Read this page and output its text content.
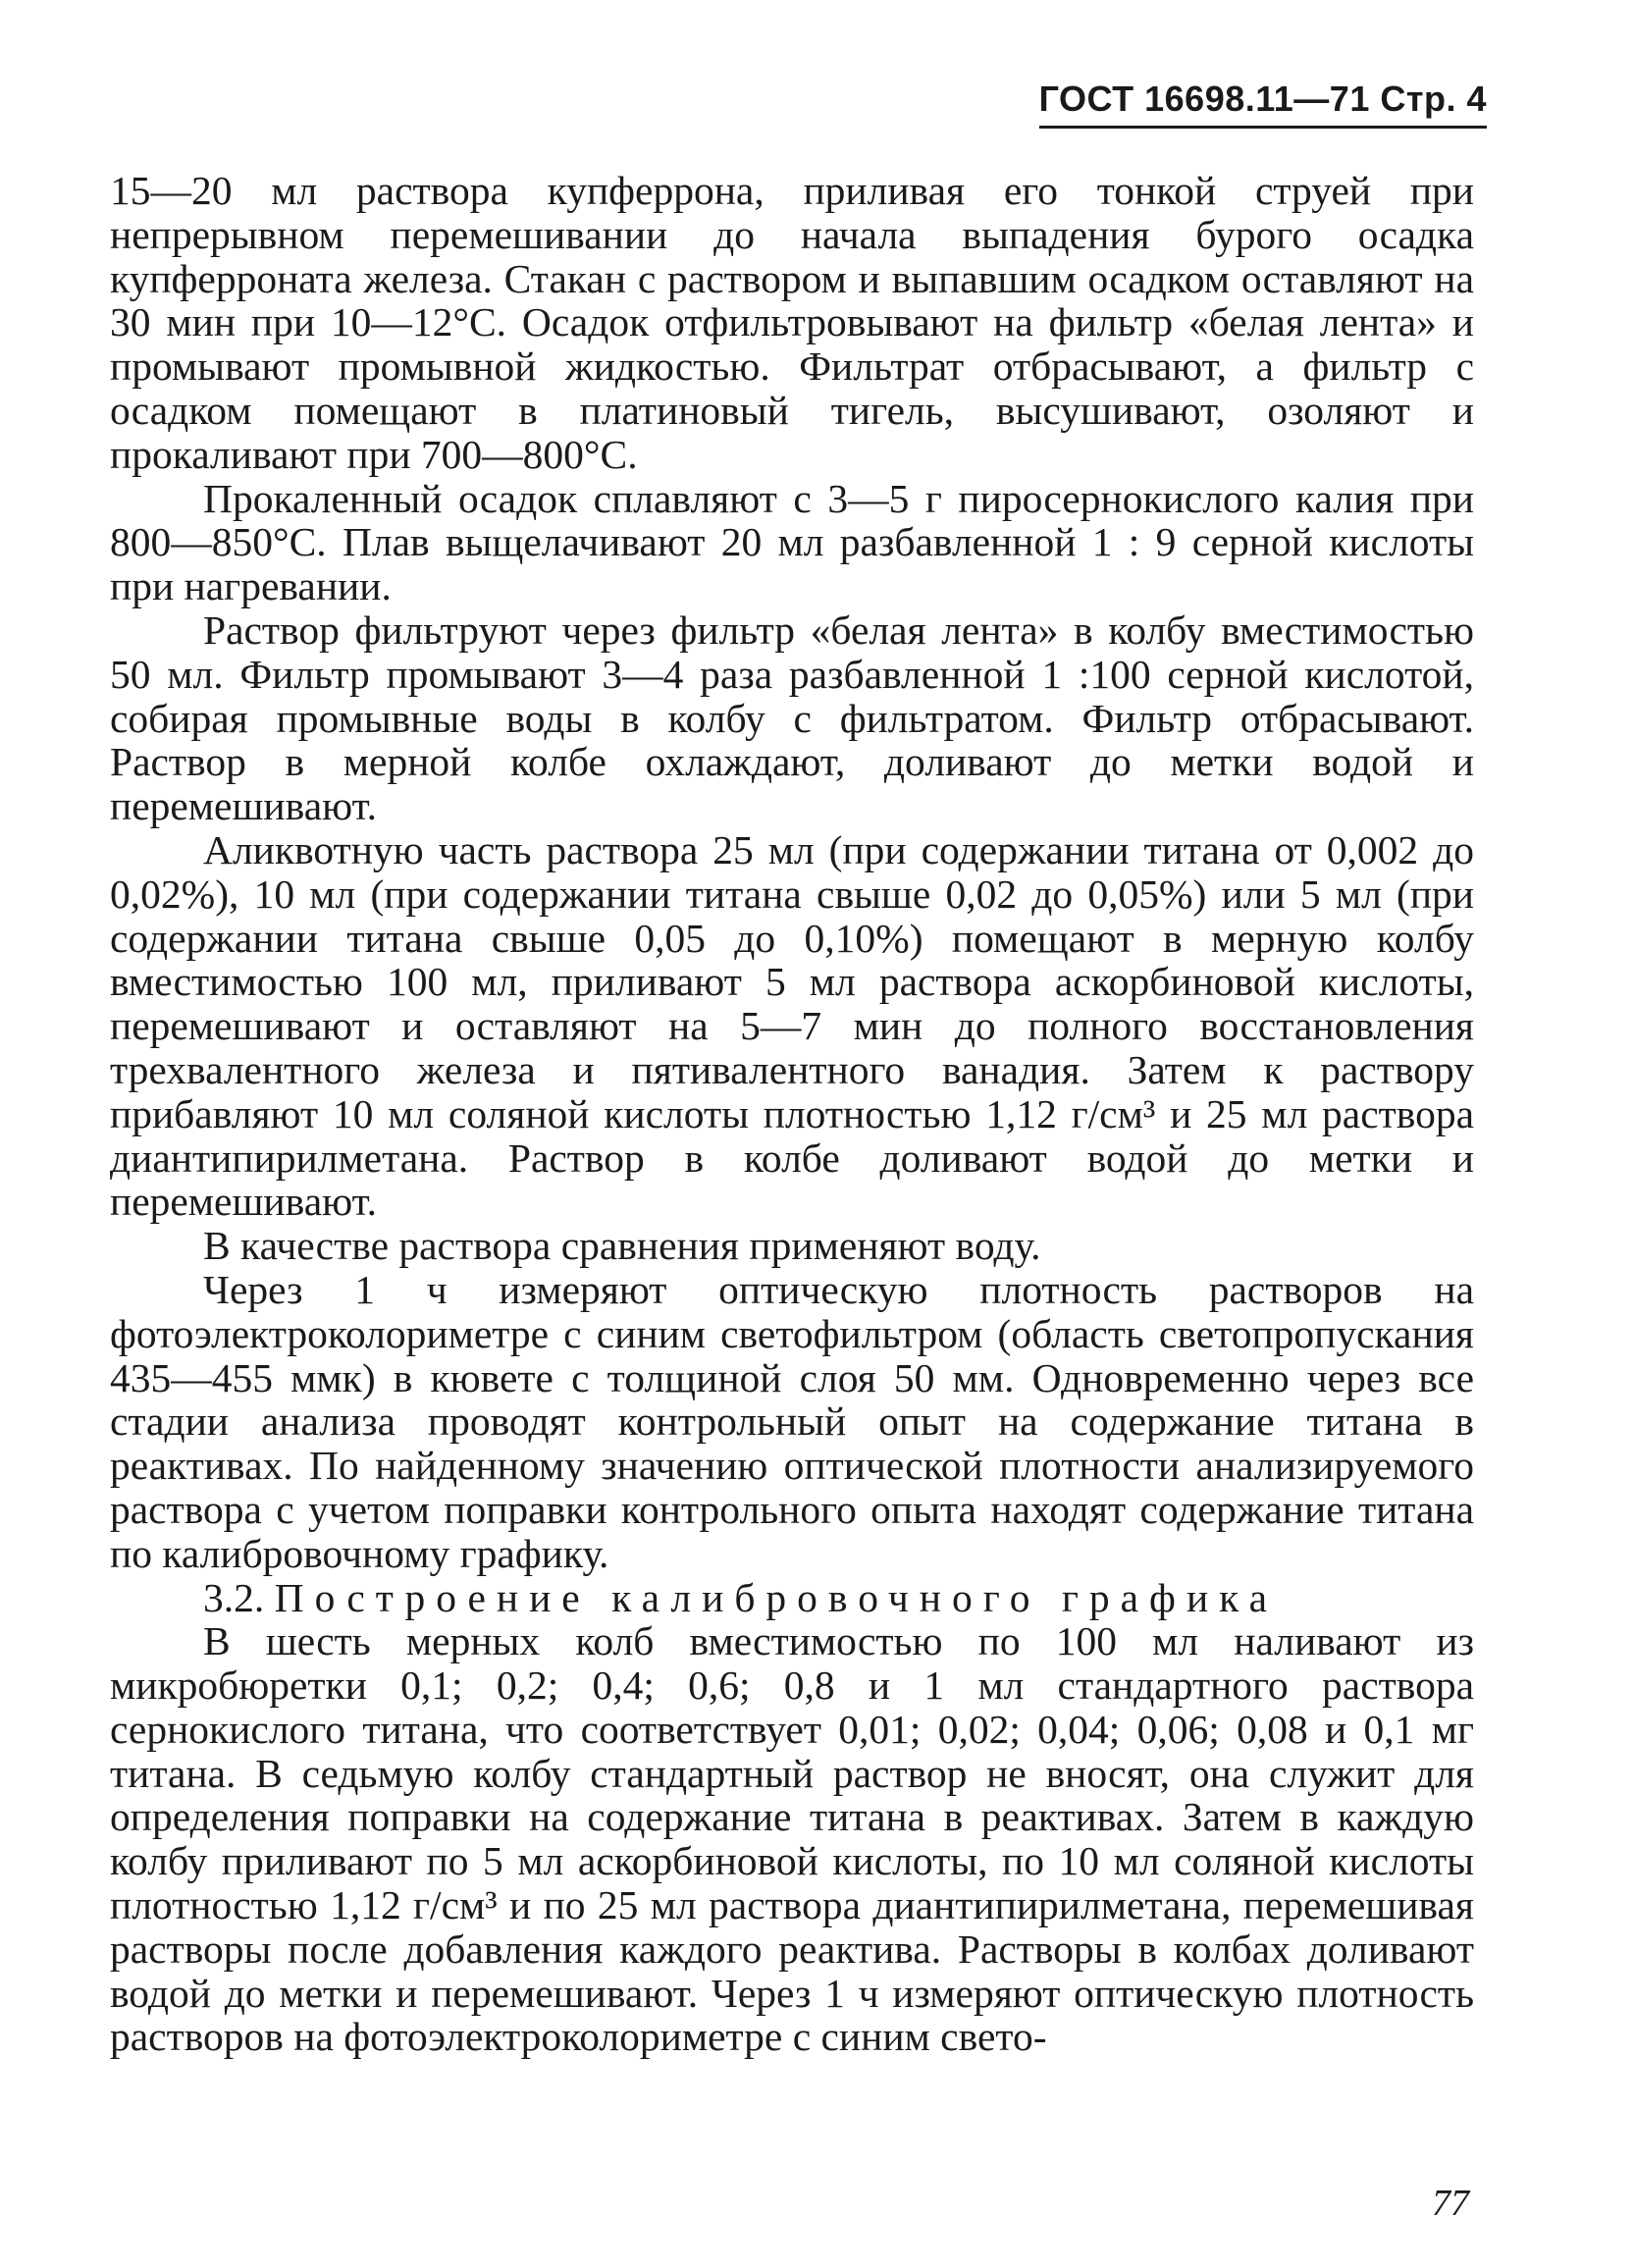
ГОСТ 16698.11—71 Стр. 4

15—20 мл раствора купферрона, приливая его тонкой струей при непрерывном перемешивании до начала выпадения бурого осадка купферроната железа. Стакан с раствором и выпавшим осадком оставляют на 30 мин при 10—12°С. Осадок отфильтровывают на фильтр «белая лента» и промывают промывной жидкостью. Фильтрат отбрасывают, а фильтр с осадком помещают в платиновый тигель, высушивают, озоляют и прокаливают при 700—800°С.

Прокаленный осадок сплавляют с 3—5 г пиросернокислого калия при 800—850°С. Плав выщелачивают 20 мл разбавленной 1 : 9 серной кислоты при нагревании.

Раствор фильтруют через фильтр «белая лента» в колбу вместимостью 50 мл. Фильтр промывают 3—4 раза разбавленной 1 :100 серной кислотой, собирая промывные воды в колбу с фильтратом. Фильтр отбрасывают. Раствор в мерной колбе охлаждают, доливают до метки водой и перемешивают.

Аликвотную часть раствора 25 мл (при содержании титана от 0,002 до 0,02%), 10 мл (при содержании титана свыше 0,02 до 0,05%) или 5 мл (при содержании титана свыше 0,05 до 0,10%) помещают в мерную колбу вместимостью 100 мл, приливают 5 мл раствора аскорбиновой кислоты, перемешивают и оставляют на 5—7 мин до полного восстановления трехвалентного железа и пятивалентного ванадия. Затем к раствору прибавляют 10 мл соляной кислоты плотностью 1,12 г/см³ и 25 мл раствора диантипирилметана. Раствор в колбе доливают водой до метки и перемешивают.

В качестве раствора сравнения применяют воду.

Через 1 ч измеряют оптическую плотность растворов на фотоэлектроколориметре с синим светофильтром (область светопропускания 435—455 ммк) в кювете с толщиной слоя 50 мм. Одновременно через все стадии анализа проводят контрольный опыт на содержание титана в реактивах. По найденному значению оптической плотности анализируемого раствора с учетом поправки контрольного опыта находят содержание титана по калибровочному графику.

3.2. Построение калибровочного графика

В шесть мерных колб вместимостью по 100 мл наливают из микробюретки 0,1; 0,2; 0,4; 0,6; 0,8 и 1 мл стандартного раствора сернокислого титана, что соответствует 0,01; 0,02; 0,04; 0,06; 0,08 и 0,1 мг титана. В седьмую колбу стандартный раствор не вносят, она служит для определения поправки на содержание титана в реактивах. Затем в каждую колбу приливают по 5 мл аскорбиновой кислоты, по 10 мл соляной кислоты плотностью 1,12 г/см³ и по 25 мл раствора диантипирилметана, перемешивая растворы после добавления каждого реактива. Растворы в колбах доливают водой до метки и перемешивают. Через 1 ч измеряют оптическую плотность растворов на фотоэлектроколориметре с синим свето-

77
